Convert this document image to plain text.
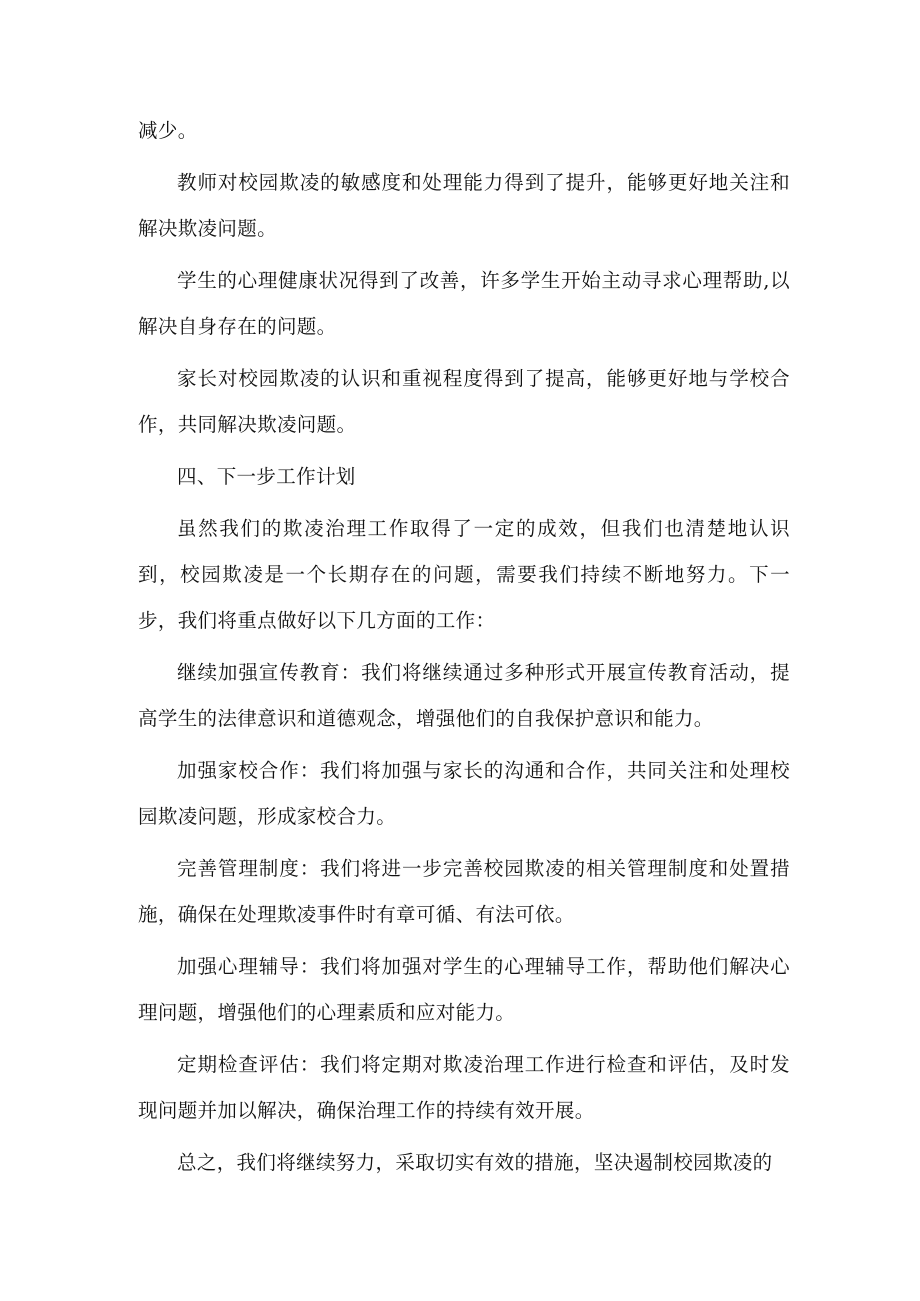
减少。

教师对校园欺凌的敏感度和处理能力得到了提升，能够更好地关注和解决欺凌问题。

学生的心理健康状况得到了改善，许多学生开始主动寻求心理帮助,以解决自身存在的问题。

家长对校园欺凌的认识和重视程度得到了提高，能够更好地与学校合作，共同解决欺凌问题。

四、下一步工作计划

虽然我们的欺凌治理工作取得了一定的成效，但我们也清楚地认识到，校园欺凌是一个长期存在的问题，需要我们持续不断地努力。下一步，我们将重点做好以下几方面的工作：

继续加强宣传教育：我们将继续通过多种形式开展宣传教育活动，提高学生的法律意识和道德观念，增强他们的自我保护意识和能力。

加强家校合作：我们将加强与家长的沟通和合作，共同关注和处理校园欺凌问题，形成家校合力。

完善管理制度：我们将进一步完善校园欺凌的相关管理制度和处置措施，确保在处理欺凌事件时有章可循、有法可依。

加强心理辅导：我们将加强对学生的心理辅导工作，帮助他们解决心理问题，增强他们的心理素质和应对能力。

定期检查评估：我们将定期对欺凌治理工作进行检查和评估，及时发现问题并加以解决，确保治理工作的持续有效开展。

总之，我们将继续努力，采取切实有效的措施，坚决遏制校园欺凌的
